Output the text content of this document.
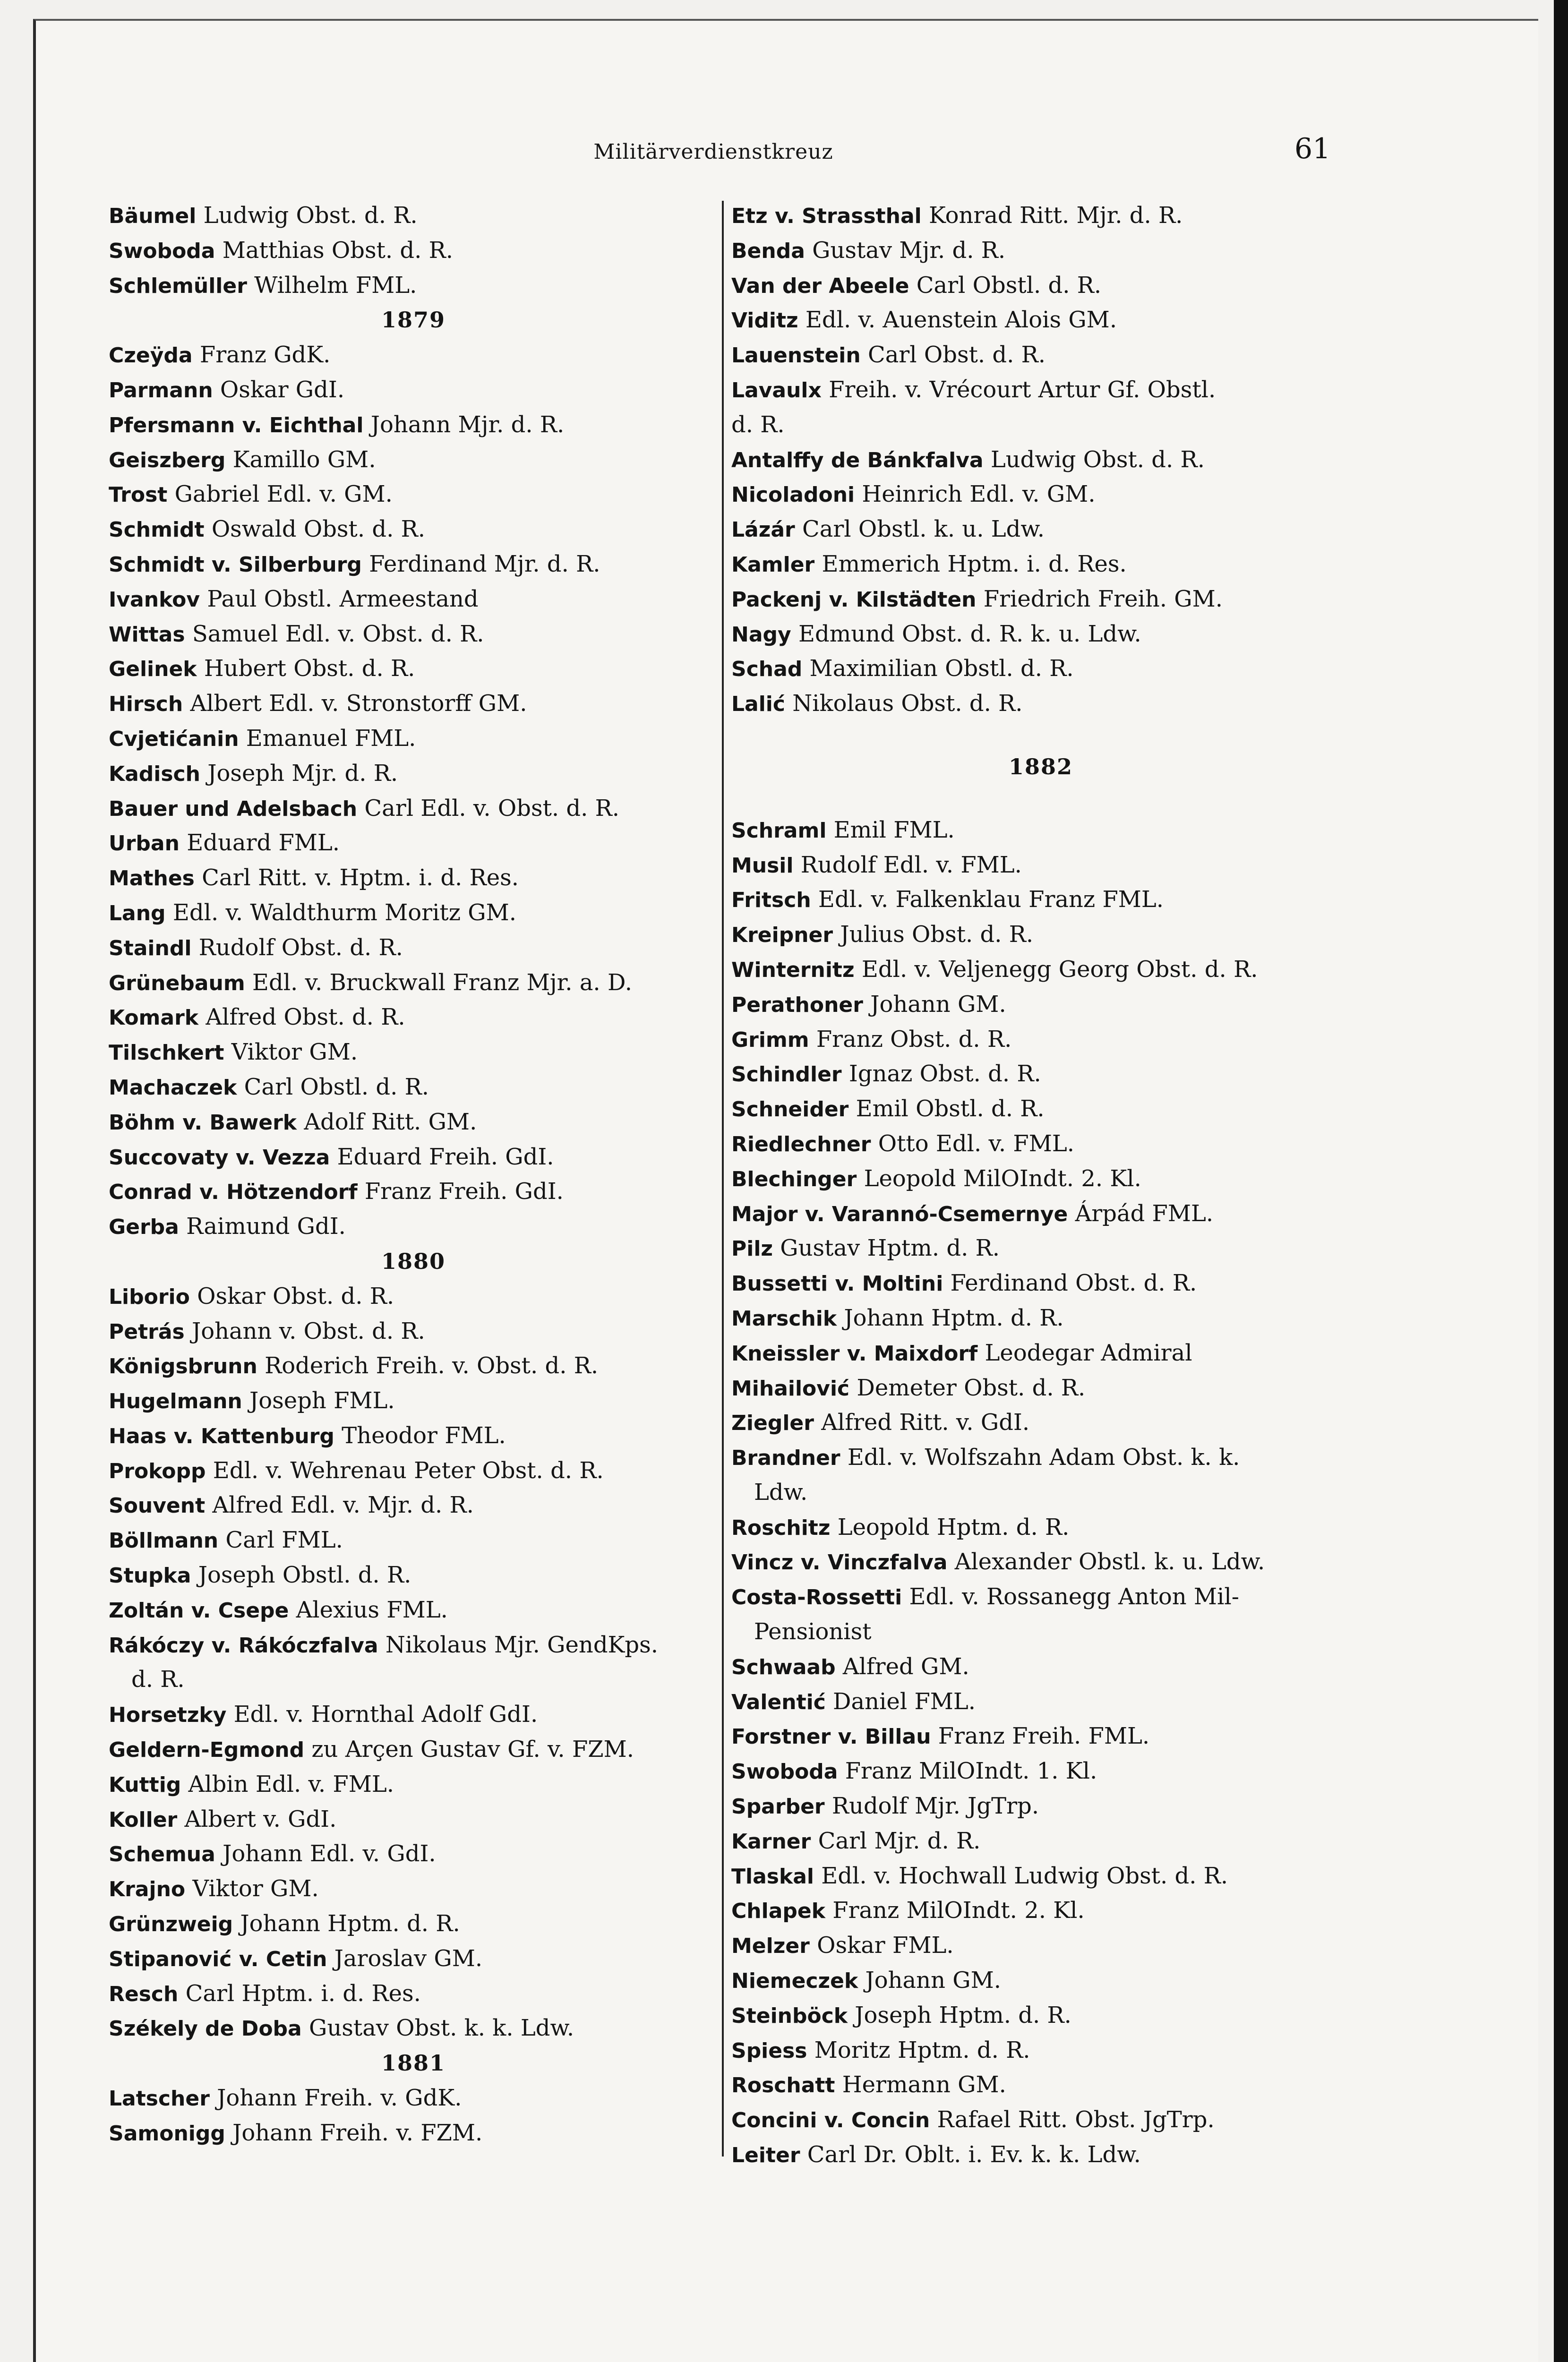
Militärverdienstkreuz	61
Bäumel Ludwig Obst. d. R.
Swoboda Matthias Obst. d. R.
Schlemüller Wilhelm FML.
1879
Czeÿda Franz GdK.
Parmann Oskar GdI.
Pfersmann v. Eichthal Johann Mjr. d. R.
Geiszberg Kamillo GM.
Trost Gabriel Edl. v. GM.
Schmidt Oswald Obst. d. R.
Schmidt v. Silberburg Ferdinand Mjr. d. R.
Ivankov Paul Obstl. Armeestand
Wittas Samuel Edl. v. Obst. d. R.
Gelinek Hubert Obst. d. R.
Hirsch Albert Edl. v. Stronstorff GM.
Cvjetićanin Emanuel FML.
Kadisch Joseph Mjr. d. R.
Bauer und Adelsbach Carl Edl. v. Obst. d. R.
Urban Eduard FML.
Mathes Carl Ritt. v. Hptm. i. d. Res.
Lang Edl. v. Waldthurm Moritz GM.
Staindl Rudolf Obst. d. R.
Grünebaum Edl. v. Bruckwall Franz Mjr. a. D.
Komark Alfred Obst. d. R.
Tilschkert Viktor GM.
Machaczek Carl Obstl. d. R.
Böhm v. Bawerk Adolf Ritt. GM.
Succovaty v. Vezza Eduard Freih. GdI.
Conrad v. Hötzendorf Franz Freih. GdI.
Gerba Raimund GdI.
1880
Liborio Oskar Obst. d. R.
Petrás Johann v. Obst. d. R.
Königsbrunn Roderich Freih. v. Obst. d. R.
Hugelmann Joseph FML.
Haas v. Kattenburg Theodor FML.
Prokopp Edl. v. Wehrenau Peter Obst. d. R.
Souvent Alfred Edl. v. Mjr. d. R.
Böllmann Carl FML.
Stupka Joseph Obstl. d. R.
Zoltán v. Csepe Alexius FML.
Rákóczy v. Rákóczfalva Nikolaus Mjr. GendKps.
d. R.
Horsetzky Edl. v. Hornthal Adolf GdI.
Geldern-Egmond zu Arçen Gustav Gf. v. FZM.
Kuttig Albin Edl. v. FML.
Koller Albert v. GdI.
Schemua Johann Edl. v. GdI.
Krajno Viktor GM.
Grünzweig Johann Hptm. d. R.
Stipanović v. Cetin Jaroslav GM.
Resch Carl Hptm. i. d. Res.
Székely de Doba Gustav Obst. k. k. Ldw.
1881
Latscher Johann Freih. v. GdK.
Samonigg Johann Freih. v. FZM.
Etz v. Strassthal Konrad Ritt. Mjr. d. R.
Benda Gustav Mjr. d. R.
Van der Abeele Carl Obstl. d. R.
Viditz Edl. v. Auenstein Alois GM.
Lauenstein Carl Obst. d. R.
Lavaulx Freih. v. Vrécourt Artur Gf. Obstl.
d. R.
Antalffy de Bánkfalva Ludwig Obst. d. R.
Nicoladoni Heinrich Edl. v. GM.
Lázár Carl Obstl. k. u. Ldw.
Kamler Emmerich Hptm. i. d. Res.
Packenj v. Kilstädten Friedrich Freih. GM.
Nagy Edmund Obst. d. R. k. u. Ldw.
Schad Maximilian Obstl. d. R.
Lalić Nikolaus Obst. d. R.
1882
Schraml Emil FML.
Musil Rudolf Edl. v. FML.
Fritsch Edl. v. Falkenklau Franz FML.
Kreipner Julius Obst. d. R.
Winternitz Edl. v. Veljenegg Georg Obst. d. R.
Perathoner Johann GM.
Grimm Franz Obst. d. R.
Schindler Ignaz Obst. d. R.
Schneider Emil Obstl. d. R.
Riedlechner Otto Edl. v. FML.
Blechinger Leopold MilOIndt. 2. Kl.
Major v. Varannó-Csemernye Árpád FML.
Pilz Gustav Hptm. d. R.
Bussetti v. Moltini Ferdinand Obst. d. R.
Marschik Johann Hptm. d. R.
Kneissler v. Maixdorf Leodegar Admiral
Mihailović Demeter Obst. d. R.
Ziegler Alfred Ritt. v. GdI.
Brandner Edl. v. Wolfszahn Adam Obst. k. k.
Ldw.
Roschitz Leopold Hptm. d. R.
Vincz v. Vinczfalva Alexander Obstl. k. u. Ldw.
Costa-Rossetti Edl. v. Rossanegg Anton Mil-
Pensionist
Schwaab Alfred GM.
Valentić Daniel FML.
Forstner v. Billau Franz Freih. FML.
Swoboda Franz MilOIndt. 1. Kl.
Sparber Rudolf Mjr. JgTrp.
Karner Carl Mjr. d. R.
Tlaskal Edl. v. Hochwall Ludwig Obst. d. R.
Chlapek Franz MilOIndt. 2. Kl.
Melzer Oskar FML.
Niemeczek Johann GM.
Steinböck Joseph Hptm. d. R.
Spiess Moritz Hptm. d. R.
Roschatt Hermann GM.
Concini v. Concin Rafael Ritt. Obst. JgTrp.
Leiter Carl Dr. Oblt. i. Ev. k. k. Ldw.
